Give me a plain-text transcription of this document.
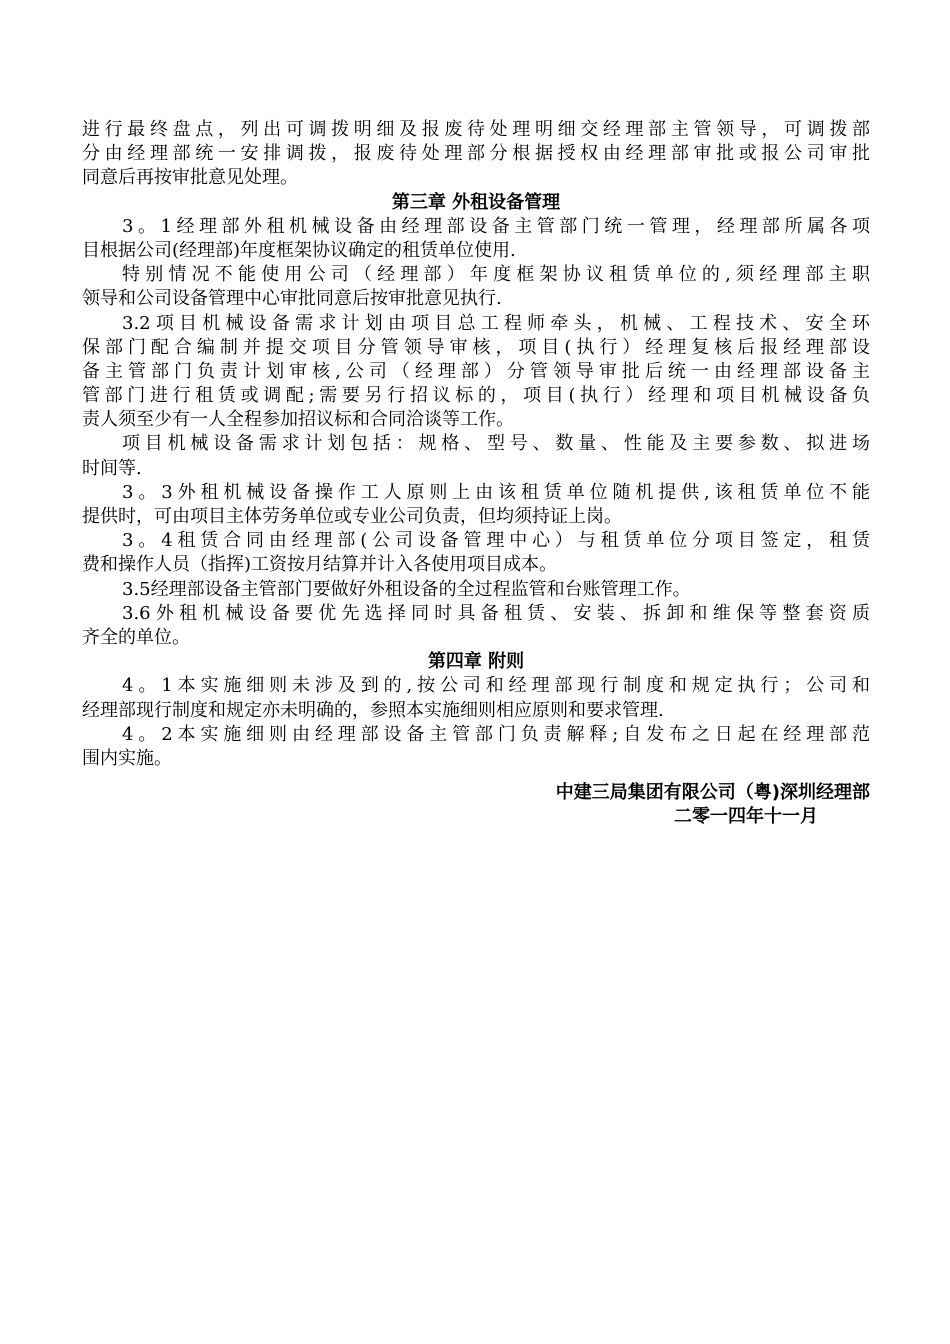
进行最终盘点，列出可调拨明细及报废待处理明细交经理部主管领导，可调拨部
分由经理部统一安排调拨，报废待处理部分根据授权由经理部审批或报公司审批
同意后再按审批意见处理。
第三章 外租设备管理
3。1经理部外租机械设备由经理部设备主管部门统一管理，经理部所属各项
目根据公司(经理部)年度框架协议确定的租赁单位使用.
特别情况不能使用公司（经理部）年度框架协议租赁单位的,须经理部主职
领导和公司设备管理中心审批同意后按审批意见执行.
3.2项目机械设备需求计划由项目总工程师牵头，机械、工程技术、安全环
保部门配合编制并提交项目分管领导审核，项目(执行）经理复核后报经理部设
备主管部门负责计划审核,公司（经理部）分管领导审批后统一由经理部设备主
管部门进行租赁或调配;需要另行招议标的，项目(执行）经理和项目机械设备负
责人须至少有一人全程参加招议标和合同洽谈等工作。
项目机械设备需求计划包括：规格、型号、数量、性能及主要参数、拟进场
时间等.
3。3外租机械设备操作工人原则上由该租赁单位随机提供,该租赁单位不能
提供时，可由项目主体劳务单位或专业公司负责，但均须持证上岗。
3。4租赁合同由经理部(公司设备管理中心）与租赁单位分项目签定，租赁
费和操作人员（指挥)工资按月结算并计入各使用项目成本。
3.5经理部设备主管部门要做好外租设备的全过程监管和台账管理工作。
3.6外租机械设备要优先选择同时具备租赁、安装、拆卸和维保等整套资质
齐全的单位。
第四章 附则
4。1本实施细则未涉及到的,按公司和经理部现行制度和规定执行；公司和
经理部现行制度和规定亦未明确的，参照本实施细则相应原则和要求管理.
4。2本实施细则由经理部设备主管部门负责解释;自发布之日起在经理部范
围内实施。
中建三局集团有限公司（粤)深圳经理部
二零一四年十一月
